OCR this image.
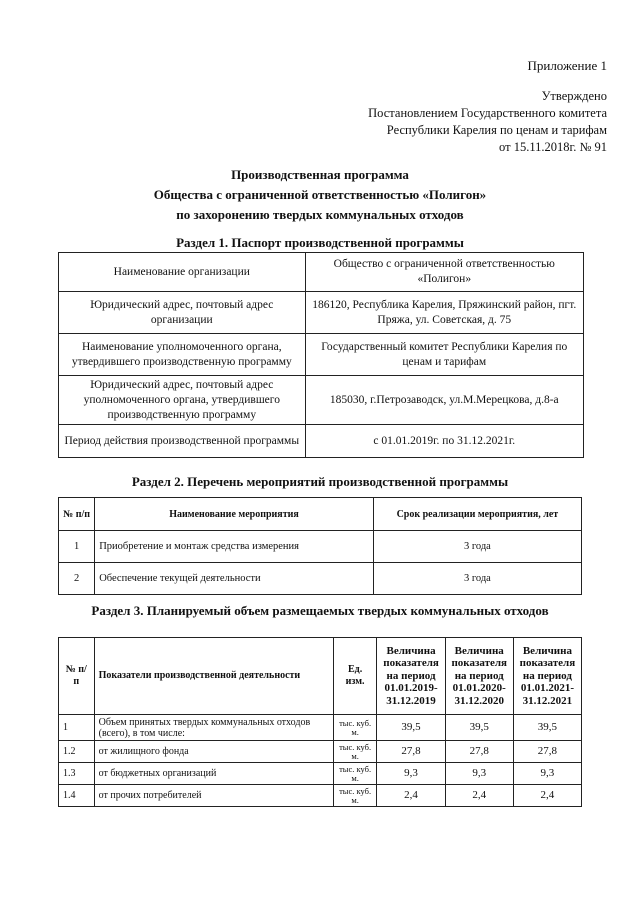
Приложение 1
Утверждено
Постановлением Государственного комитета
Республики Карелия по ценам и тарифам
от 15.11.2018г. № 91
Производственная программа
Общества с ограниченной ответственностью «Полигон»
по захоронению твердых коммунальных отходов
Раздел 1. Паспорт производственной программы
Наименование организации	Общество с ограниченной ответственностью «Полигон»
Юридический адрес, почтовый адрес организации	186120, Республика Карелия, Пряжинский район, пгт. Пряжа, ул. Советская, д. 75
Наименование уполномоченного органа, утвердившего производственную программу	Государственный комитет Республики Карелия по ценам и тарифам
Юридический адрес, почтовый адрес уполномоченного органа, утвердившего производственную программу	185030, г.Петрозаводск, ул.М.Мерецкова, д.8-а
Период действия производственной программы	с 01.01.2019г. по 31.12.2021г.
Раздел 2. Перечень мероприятий производственной программы
№ п/п	Наименование мероприятия	Срок реализации мероприятия, лет
1	Приобретение и монтаж средства измерения	3 года
2	Обеспечение текущей деятельности	3 года
Раздел 3. Планируемый объем размещаемых твердых коммунальных отходов
№ п/п	Показатели производственной деятельности	Ед. изм.	Величина показателя на период 01.01.2019-31.12.2019	Величина показателя на период 01.01.2020-31.12.2020	Величина показателя на период 01.01.2021-31.12.2021
1	Объем принятых твердых коммунальных отходов (всего), в том числе:	тыс. куб. м.	39,5	39,5	39,5
1.2	от жилищного фонда	тыс. куб. м.	27,8	27,8	27,8
1.3	от бюджетных организаций	тыс. куб. м.	9,3	9,3	9,3
1.4	от прочих потребителей	тыс. куб. м.	2,4	2,4	2,4
